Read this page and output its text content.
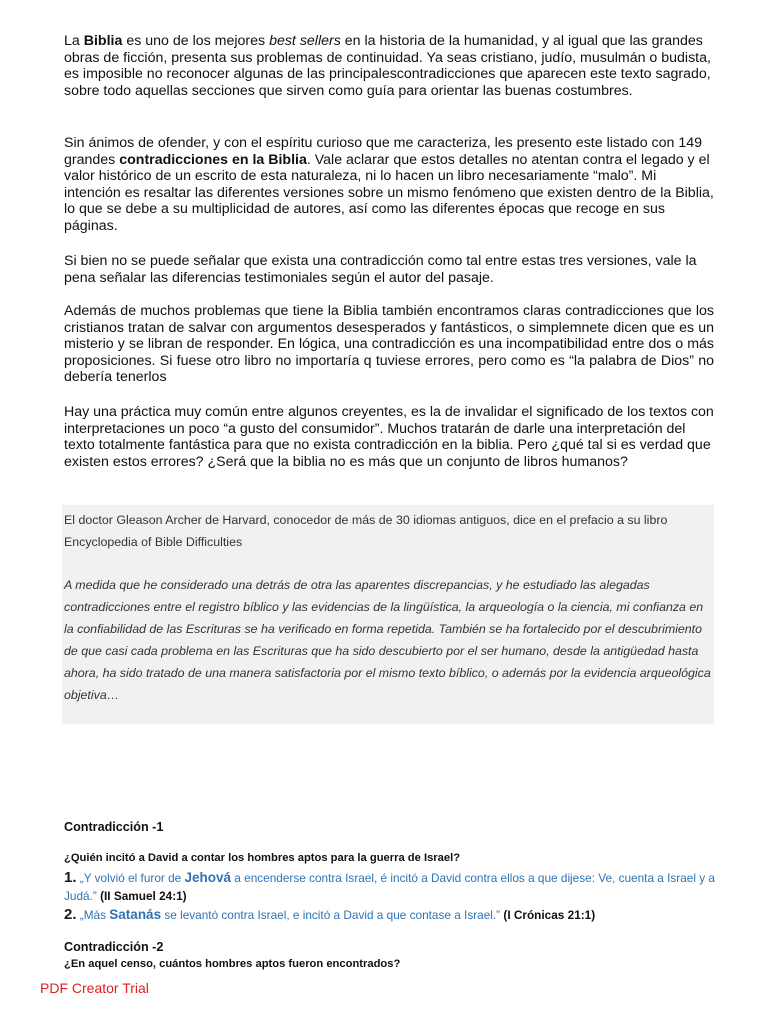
La Biblia es uno de los mejores best sellers en la historia de la humanidad, y al igual que las grandes obras de ficción, presenta sus problemas de continuidad. Ya seas cristiano, judío, musulmán o budista, es imposible no reconocer algunas de las principalescontradicciones que aparecen este texto sagrado, sobre todo aquellas secciones que sirven como guía para orientar las buenas costumbres.

Sin ánimos de ofender, y con el espíritu curioso que me caracteriza, les presento este listado con 149 grandes contradicciones en la Biblia. Vale aclarar que estos detalles no atentan contra el legado y el valor histórico de un escrito de esta naturaleza, ni lo hacen un libro necesariamente “malo”. Mi intención es resaltar las diferentes versiones sobre un mismo fenómeno que existen dentro de la Biblia, lo que se debe a su multiplicidad de autores, así como las diferentes épocas que recoge en sus páginas.

Si bien no se puede señalar que exista una contradicción como tal entre estas tres versiones, vale la pena señalar las diferencias testimoniales según el autor del pasaje.

Además de muchos problemas que tiene la Biblia también encontramos claras contradicciones que los cristianos tratan de salvar con argumentos desesperados y fantásticos, o simplemnete dicen que es un misterio y se libran de responder. En lógica, una contradicción es una incompatibilidad entre dos o más proposiciones. Si fuese otro libro no importaría q tuviese errores, pero como es “la palabra de Dios” no debería tenerlos

Hay una práctica muy común entre algunos creyentes, es la de invalidar el significado de los textos con interpretaciones un poco “a gusto del consumidor”. Muchos tratarán de darle una interpretación del texto totalmente fantástica para que no exista contradicción en la biblia. Pero ¿qué tal si es verdad que existen estos errores? ¿Será que la biblia no es más que un conjunto de libros humanos?

El doctor Gleason Archer de Harvard, conocedor de más de 30 idiomas antiguos, dice en el prefacio a su libro Encyclopedia of Bible Difficulties

A medida que he considerado una detrás de otra las aparentes discrepancias, y he estudiado las alegadas contradicciones entre el registro bíblico y las evidencias de la lingüística, la arqueología o la ciencia, mi confianza en la confiabilidad de las Escrituras se ha verificado en forma repetida. También se ha fortalecido por el descubrimiento de que casi cada problema en las Escrituras que ha sido descubierto por el ser humano, desde la antigüedad hasta ahora, ha sido tratado de una manera satisfactoria por el mismo texto bíblico, o además por la evidencia arqueológica objetiva…

Contradicción -1

¿Quién incitó a David a contar los hombres aptos para la guerra de Israel?

1. „Y volvió el furor de Jehová a encenderse contra Israel, é incitó a David contra ellos a que dijese: Ve, cuenta a Israel y a Judá.” (II Samuel 24:1)

2. „Más Satanás se levantó contra Israel, e incitó a David a que contase a Israel.” (I Crónicas 21:1)

Contradicción -2

¿En aquel censo, cuántos hombres aptos fueron encontrados?

PDF Creator Trial
